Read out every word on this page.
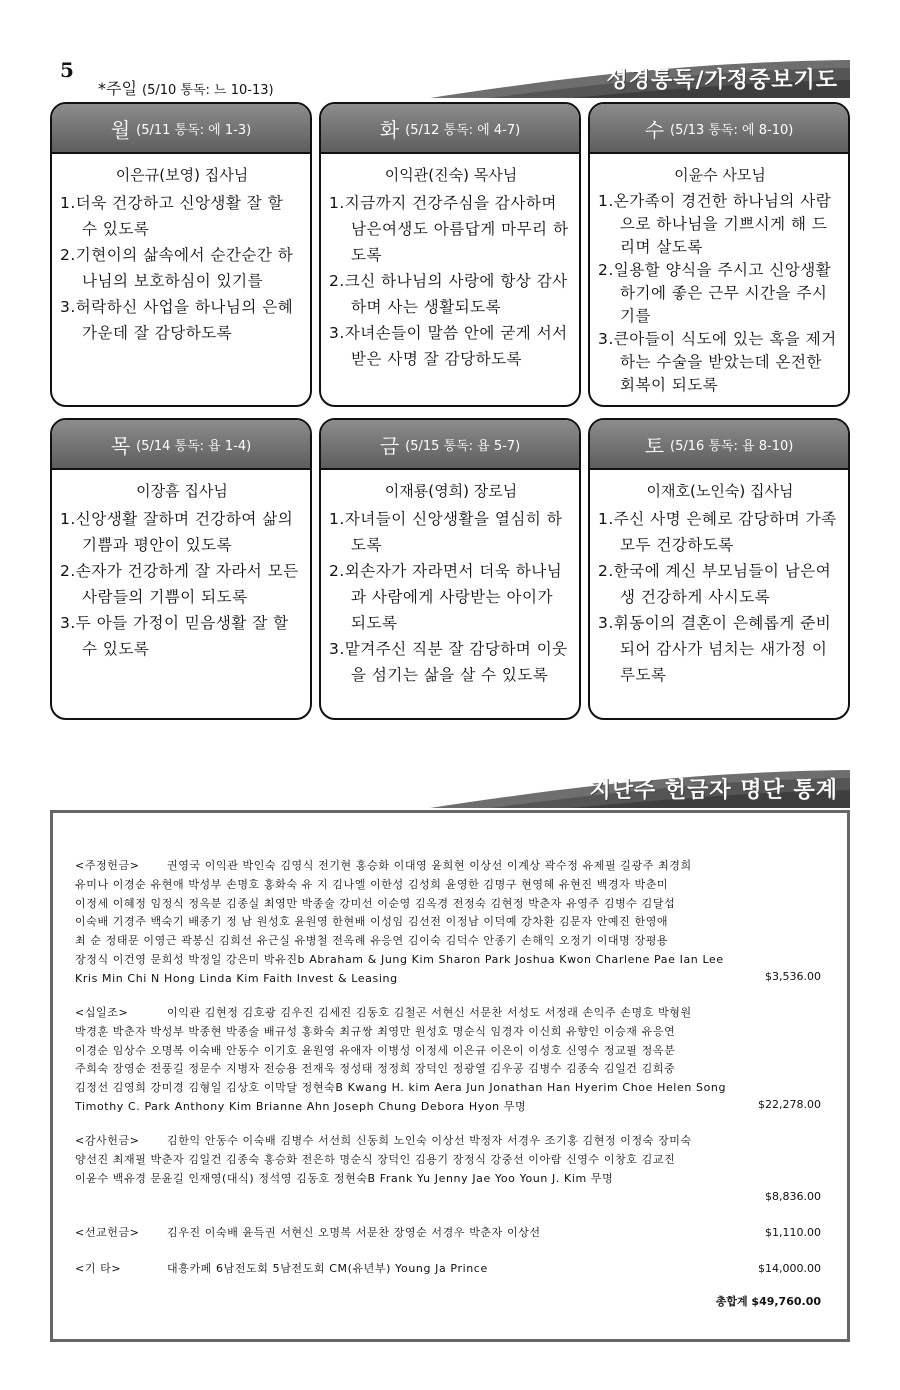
5
*주일 (5/10 통독: 느 10-13)	성경통독/가정중보기도
월 (5/11 통독: 에 1-3)
이은규(보영) 집사님
1.더욱 건강하고 신앙생활 잘 할 수 있도록
2.기현이의 삶속에서 순간순간 하나님의 보호하심이 있기를
3.허락하신 사업을 하나님의 은혜가운데 잘 감당하도록
화 (5/12 통독: 에 4-7)
이익관(진숙) 목사님
1.지금까지 건강주심을 감사하며 남은여생도 아름답게 마무리 하도록
2.크신 하나님의 사랑에 항상 감사하며 사는 생활되도록
3.자녀손들이 말씀 안에 굳게 서서 받은 사명 잘 감당하도록
수 (5/13 통독: 에 8-10)
이윤수 사모님
1.온가족이 경건한 하나님의 사람으로 하나님을 기쁘시게 해 드리며 살도록
2.일용할 양식을 주시고 신앙생활하기에 좋은 근무 시간을 주시기를
3.큰아들이 식도에 있는 혹을 제거하는 수술을 받았는데 온전한 회복이 되도록
목 (5/14 통독: 욥 1-4)
이장흠 집사님
1.신앙생활 잘하며 건강하여 삶의 기쁨과 평안이 있도록
2.손자가 건강하게 잘 자라서 모든 사람들의 기쁨이 되도록
3.두 아들 가정이 믿음생활 잘 할 수 있도록
금 (5/15 통독: 욥 5-7)
이재룡(영희) 장로님
1.자녀들이 신앙생활을 열심히 하도록
2.외손자가 자라면서 더욱 하나님과 사람에게 사랑받는 아이가 되도록
3.맡겨주신 직분 잘 감당하며 이웃을 섬기는 삶을 살 수 있도록
토 (5/16 통독: 욥 8-10)
이재호(노인숙) 집사님
1.주신 사명 은혜로 감당하며 가족 모두 건강하도록
2.한국에 계신 부모님들이 남은여생 건강하게 사시도록
3.휘동이의 결혼이 은혜롭게 준비되어 감사가 넘치는 새가정 이루도록
지난주 헌금자 명단 통계
<주정헌금> 권영국 이익관 박인숙 김영식 전기현 홍승화 이대영 윤희현 이상선 이계상 곽수정 유제필 길광주 최경희
유미나 이경순 유현애 박성부 손명호 홍화숙 유 지 김나엘 이한성 김성희 윤영한 김명구 현영혜 유현진 백경자 박춘미
이정세 이혜정 임정식 정옥분 김종실 최영만 박종술 강미선 이순영 김옥경 전정숙 김현정 박춘자 유영주 김병수 김달섭
이숙배 기경주 백숙기 배종기 정 남 원성호 윤원영 한현배 이성임 김선전 이정남 이덕예 강차환 김문자 안예진 한영애
최 순 정태문 이영근 곽봉신 김희선 유근실 유병철 전옥례 유응연 김이숙 김덕수 안종기 손해익 오정기 이대명 장평용
장정식 이건영 문희성 박정일 강은미 박유진b Abraham & Jung Kim Sharon Park Joshua Kwon Charlene Pae Ian Lee
Kris Min Chi N Hong Linda Kim Faith Invest & Leasing	$3,536.00
<십일조>	이익관 김현정 김호광 김우진 김세진 김동호 김철곤 서현신 서문찬 서성도 서정래 손익주 손명호 박형원
박경훈 박춘자 박성부 박종현 박종술 배규성 홍화숙 최규쌍 최영만 원성호 명순식 임경자 이신희 유향인 이승재 유응연
이경순 임상수 오명복 이숙배 안동수 이기호 윤원영 유애자 이병성 이정세 이은규 이은이 이성호 신영수 정교필 정옥분
주희숙 장영순 전풍길 정문수 지병자 전승용 전재욱 정성태 정정희 장덕인 정광열 김우공 김병수 김종숙 김일건 김희중
김정선 김영희 강미경 김형일 김상호 이막달 정현숙B Kwang H. kim Aera Jun Jonathan Han Hyerim Choe Helen Song
Timothy C. Park Anthony Kim Brianne Ahn Joseph Chung Debora Hyon 무명	$22,278.00
<감사헌금> 김한익 안동수 이숙배 김병수 서선희 신동희 노인숙 이상선 박정자 서경우 조기홍 김현정 이정숙 장미숙
양선진 최재필 박춘자 김일건 김종숙 홍승화 전은하 명순식 장덕인 김용기 장정식 강중선 이아람 신영수 이창호 김교진
이윤수 백유경 문윤길 인재영(대식) 정석영 김동호 정현숙B Frank Yu Jenny Jae Yoo Youn J. Kim 무명
$8,836.00
<선교헌금> 김우진 이숙배 윤득권 서현신 오명복 서문찬 장영순 서경우 박춘자 이상선	$1,110.00
<기 타>	대흥카페 6남전도회 5남전도회 CM(유년부) Young Ja Prince	$14,000.00
총합계 $49,760.00
